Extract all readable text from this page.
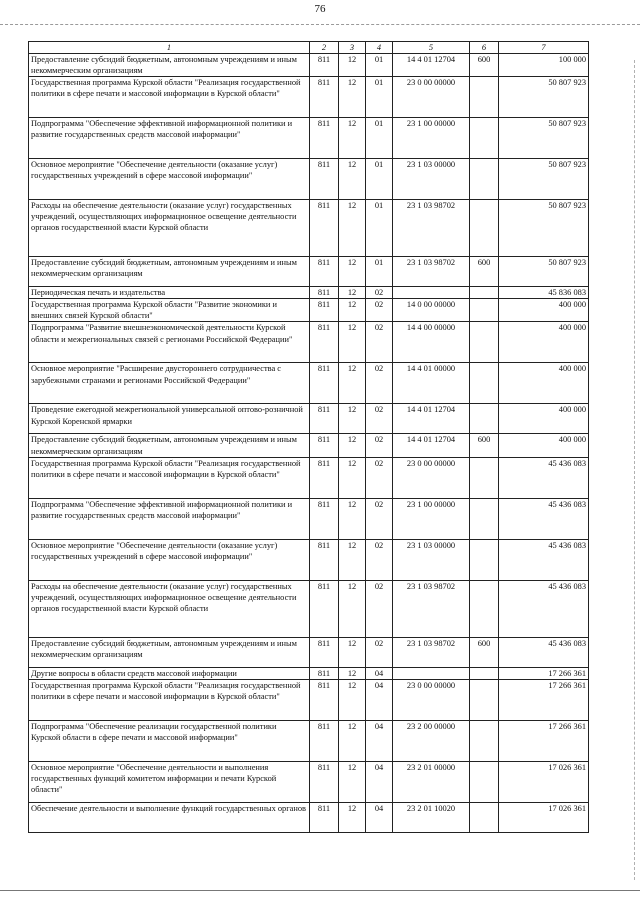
76
1	2	3	4	5	6	7
Предоставление субсидий бюджетным, автономным учреждениям и иным некоммерческим организациям	811	12	01	14 4 01 12704	600	100 000
Государственная программа Курской области "Реализация государственной политики в сфере печати и массовой информации в Курской области"	811	12	01	23 0 00 00000		50 807 923
Подпрограмма "Обеспечение эффективной информационной политики и развитие государственных средств массовой информации"	811	12	01	23 1 00 00000		50 807 923
Основное мероприятие "Обеспечение деятельности (оказание услуг) государственных учреждений в сфере массовой информации"	811	12	01	23 1 03 00000		50 807 923
Расходы на обеспечение деятельности (оказание услуг) государственных учреждений, осуществляющих информационное освещение деятельности органов государственной власти Курской области	811	12	01	23 1 03 98702		50 807 923
Предоставление субсидий бюджетным, автономным учреждениям и иным некоммерческим организациям	811	12	01	23 1 03 98702	600	50 807 923
Периодическая печать и издательства	811	12	02			45 836 083
Государственная программа Курской области "Развитие экономики и внешних связей Курской области"	811	12	02	14 0 00 00000		400 000
Подпрограмма "Развитие внешнеэкономической деятельности Курской области и межрегиональных связей с регионами Российской Федерации"	811	12	02	14 4 00 00000		400 000
Основное мероприятие "Расширение двустороннего сотрудничества с зарубежными странами и регионами Российской Федерации"	811	12	02	14 4 01 00000		400 000
Проведение ежегодной межрегиональной универсальной оптово-розничной Курской Коренской ярмарки	811	12	02	14 4 01 12704		400 000
Предоставление субсидий бюджетным, автономным учреждениям и иным некоммерческим организациям	811	12	02	14 4 01 12704	600	400 000
Государственная программа Курской области "Реализация государственной политики в сфере печати и массовой информации в Курской области"	811	12	02	23 0 00 00000		45 436 083
Подпрограмма "Обеспечение эффективной информационной политики и развитие государственных средств массовой информации"	811	12	02	23 1 00 00000		45 436 083
Основное мероприятие "Обеспечение деятельности (оказание услуг) государственных учреждений в сфере массовой информации"	811	12	02	23 1 03 00000		45 436 083
Расходы на обеспечение деятельности (оказание услуг) государственных учреждений, осуществляющих информационное освещение деятельности органов государственной власти Курской области	811	12	02	23 1 03 98702		45 436 083
Предоставление субсидий бюджетным, автономным учреждениям и иным некоммерческим организациям	811	12	02	23 1 03 98702	600	45 436 083
Другие вопросы в области средств массовой информации	811	12	04			17 266 361
Государственная программа Курской области "Реализация государственной политики в сфере печати и массовой информации в Курской области"	811	12	04	23 0 00 00000		17 266 361
Подпрограмма "Обеспечение реализации государственной политики Курской области в сфере печати и массовой информации"	811	12	04	23 2 00 00000		17 266 361
Основное мероприятие "Обеспечение деятельности и выполнения государственных функций комитетом информации и печати Курской области"	811	12	04	23 2 01 00000		17 026 361
Обеспечение деятельности и выполнение функций государственных органов	811	12	04	23 2 01 10020		17 026 361
